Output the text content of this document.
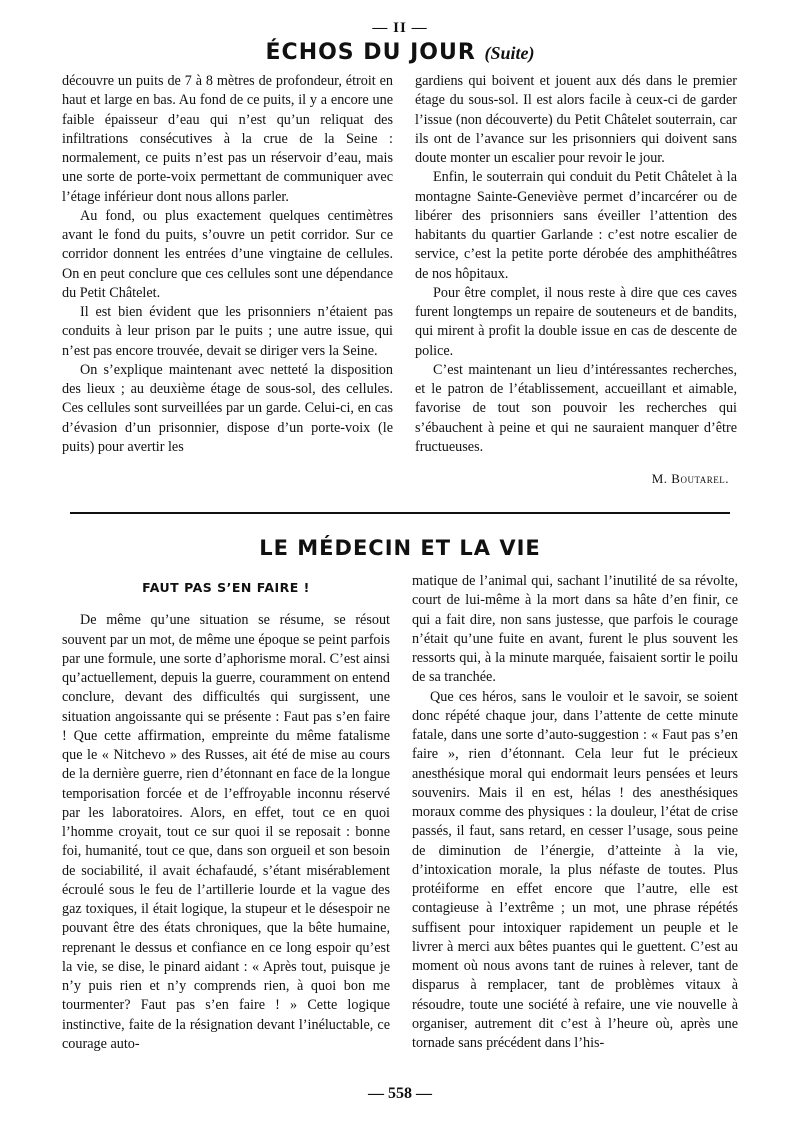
— II —
ÉCHOS DU JOUR (Suite)

découvre un puits de 7 à 8 mètres de profondeur, étroit en haut et large en bas. Au fond de ce puits, il y a encore une faible épaisseur d’eau qui n’est qu’un reliquat des infiltrations consécutives à la crue de la Seine : normalement, ce puits n’est pas un réservoir d’eau, mais une sorte de porte-voix permettant de communiquer avec l’étage inférieur dont nous allons parler.

Au fond, ou plus exactement quelques centimètres avant le fond du puits, s’ouvre un petit corridor. Sur ce corridor donnent les entrées d’une vingtaine de cellules. On en peut conclure que ces cellules sont une dépendance du Petit Châtelet.

Il est bien évident que les prisonniers n’étaient pas conduits à leur prison par le puits ; une autre issue, qui n’est pas encore trouvée, devait se diriger vers la Seine.

On s’explique maintenant avec netteté la disposition des lieux ; au deuxième étage de sous-sol, des cellules. Ces cellules sont surveillées par un garde. Celui-ci, en cas d’évasion d’un prisonnier, dispose d’un porte-voix (le puits) pour avertir les

gardiens qui boivent et jouent aux dés dans le premier étage du sous-sol. Il est alors facile à ceux-ci de garder l’issue (non découverte) du Petit Châtelet souterrain, car ils ont de l’avance sur les prisonniers qui doivent sans doute monter un escalier pour revoir le jour.

Enfin, le souterrain qui conduit du Petit Châtelet à la montagne Sainte-Geneviève permet d’incarcérer ou de libérer des prisonniers sans éveiller l’attention des habitants du quartier Garlande : c’est notre escalier de service, c’est la petite porte dérobée des amphithéâtres de nos hôpitaux.

Pour être complet, il nous reste à dire que ces caves furent longtemps un repaire de souteneurs et de bandits, qui mirent à profit la double issue en cas de descente de police.

C’est maintenant un lieu d’intéressantes recherches, et le patron de l’établissement, accueillant et aimable, favorise de tout son pouvoir les recherches qui s’ébauchent à peine et qui ne sauraient manquer d’être fructueuses.

M. Boutarel.
LE MÉDECIN ET LA VIE
FAUT PAS S’EN FAIRE !

De même qu’une situation se résume, se résout souvent par un mot, de même une époque se peint parfois par une formule, une sorte d’aphorisme moral. C’est ainsi qu’actuellement, depuis la guerre, couramment on entend conclure, devant des difficultés qui surgissent, une situation angoissante qui se présente : Faut pas s’en faire ! Que cette affirmation, empreinte du même fatalisme que le « Nitchevo » des Russes, ait été de mise au cours de la dernière guerre, rien d’étonnant en face de la longue temporisation forcée et de l’effroyable inconnu réservé par les laboratoires. Alors, en effet, tout ce en quoi l’homme croyait, tout ce sur quoi il se reposait : bonne foi, humanité, tout ce que, dans son orgueil et son besoin de sociabilité, il avait échafaudé, s’étant misérablement écroulé sous le feu de l’artillerie lourde et la vague des gaz toxiques, il était logique, la stupeur et le désespoir ne pouvant être des états chroniques, que la bête humaine, reprenant le dessus et confiance en ce long espoir qu’est la vie, se dise, le pinard aidant : « Après tout, puisque je n’y puis rien et n’y comprends rien, à quoi bon me tourmenter? Faut pas s’en faire ! » Cette logique instinctive, faite de la résignation devant l’inéluctable, ce courage auto-

matique de l’animal qui, sachant l’inutilité de sa révolte, court de lui-même à la mort dans sa hâte d’en finir, ce qui a fait dire, non sans justesse, que parfois le courage n’était qu’une fuite en avant, furent le plus souvent les ressorts qui, à la minute marquée, faisaient sortir le poilu de sa tranchée.

Que ces héros, sans le vouloir et le savoir, se soient donc répété chaque jour, dans l’attente de cette minute fatale, dans une sorte d’auto-suggestion : « Faut pas s’en faire », rien d’étonnant. Cela leur fut le précieux anesthésique moral qui endormait leurs pensées et leurs souvenirs. Mais il en est, hélas ! des anesthésiques moraux comme des physiques : la douleur, l’état de crise passés, il faut, sans retard, en cesser l’usage, sous peine de diminution de l’énergie, d’atteinte à la vie, d’intoxication morale, la plus néfaste de toutes. Plus protéiforme en effet encore que l’autre, elle est contagieuse à l’extrême ; un mot, une phrase répétés suffisent pour intoxiquer rapidement un peuple et le livrer à merci aux bêtes puantes qui le guettent. C’est au moment où nous avons tant de ruines à relever, tant de disparus à remplacer, tant de problèmes vitaux à résoudre, toute une société à refaire, une vie nouvelle à organiser, autrement dit c’est à l’heure où, après une tornade sans précédent dans l’his-

— 558 —
